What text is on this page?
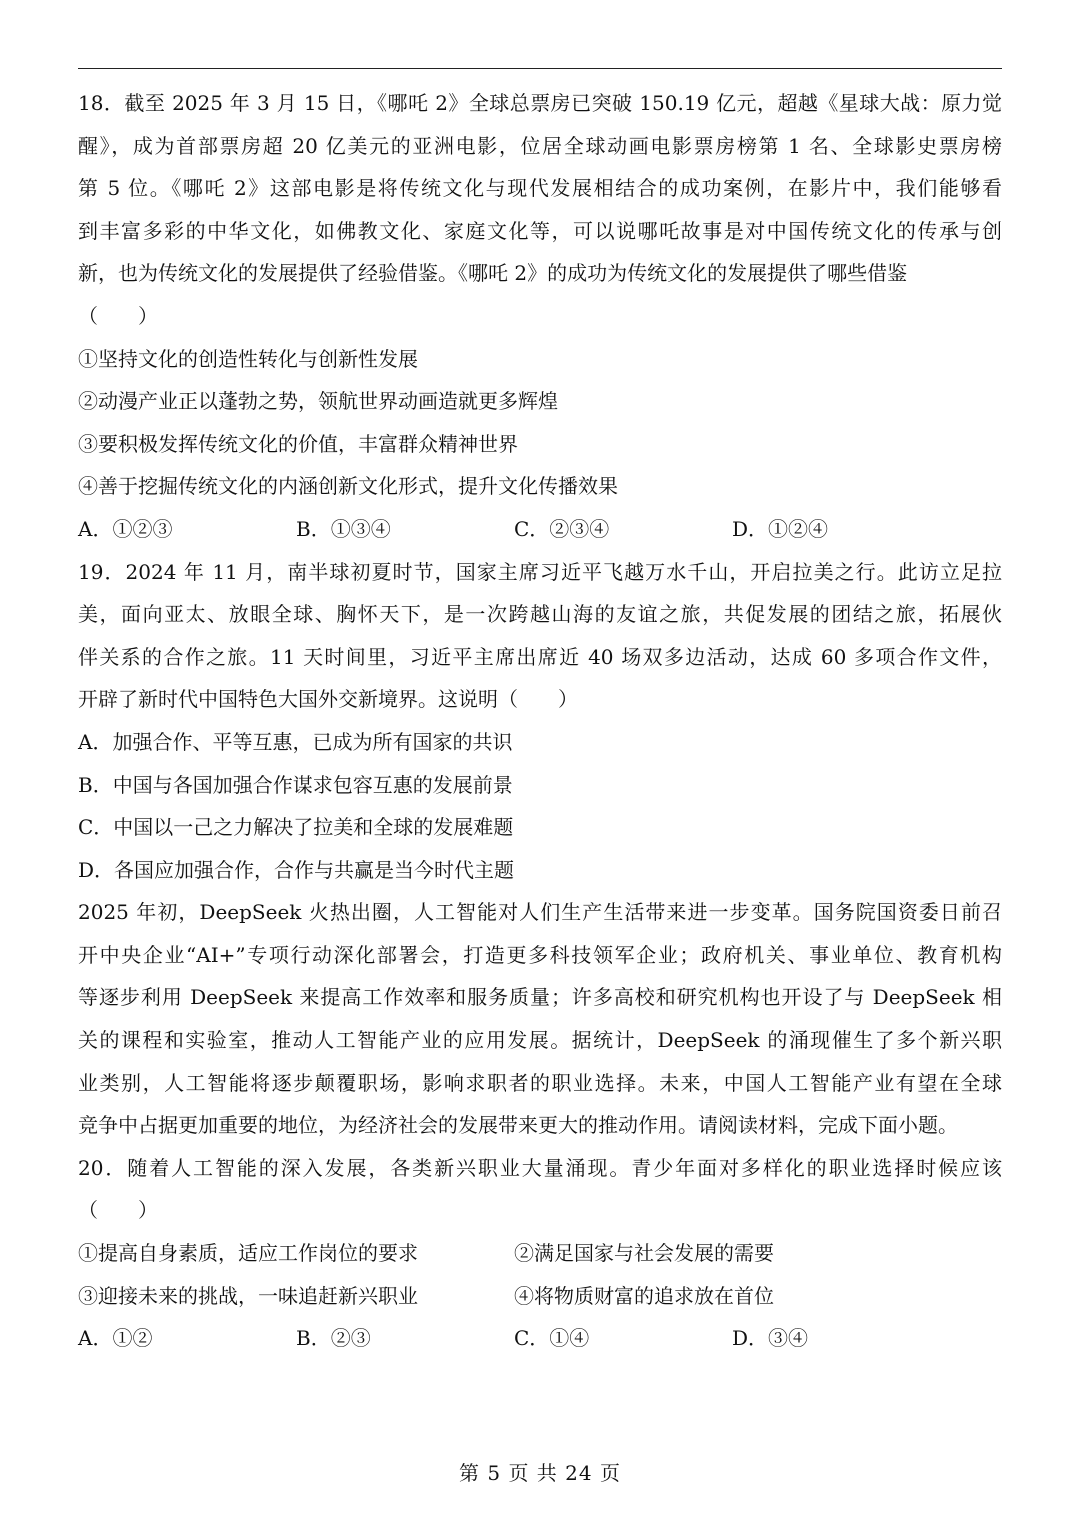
18．截至 2025 年 3 月 15 日，《哪吒 2》全球总票房已突破 150.19 亿元，超越《星球大战：原力觉
醒》，成为首部票房超 20 亿美元的亚洲电影，位居全球动画电影票房榜第 1 名、全球影史票房榜
第 5 位。《哪吒 2》这部电影是将传统文化与现代发展相结合的成功案例，在影片中，我们能够看
到丰富多彩的中华文化，如佛教文化、家庭文化等，可以说哪吒故事是对中国传统文化的传承与创
新，也为传统文化的发展提供了经验借鉴。《哪吒 2》的成功为传统文化的发展提供了哪些借鉴
（　　）
①坚持文化的创造性转化与创新性发展
②动漫产业正以蓬勃之势，领航世界动画造就更多辉煌
③要积极发挥传统文化的价值，丰富群众精神世界
④善于挖掘传统文化的内涵创新文化形式，提升文化传播效果
A．①②③	B．①③④	C．②③④	D．①②④
19．2024 年 11 月，南半球初夏时节，国家主席习近平飞越万水千山，开启拉美之行。此访立足拉
美，面向亚太、放眼全球、胸怀天下，是一次跨越山海的友谊之旅，共促发展的团结之旅，拓展伙
伴关系的合作之旅。11 天时间里，习近平主席出席近 40 场双多边活动，达成 60 多项合作文件，
开辟了新时代中国特色大国外交新境界。这说明（　　）
A．加强合作、平等互惠，已成为所有国家的共识
B．中国与各国加强合作谋求包容互惠的发展前景
C．中国以一己之力解决了拉美和全球的发展难题
D．各国应加强合作，合作与共赢是当今时代主题
2025 年初，DeepSeek 火热出圈，人工智能对人们生产生活带来进一步变革。国务院国资委日前召
开中央企业“AI+”专项行动深化部署会，打造更多科技领军企业；政府机关、事业单位、教育机构
等逐步利用 DeepSeek 来提高工作效率和服务质量；许多高校和研究机构也开设了与 DeepSeek 相
关的课程和实验室，推动人工智能产业的应用发展。据统计，DeepSeek 的涌现催生了多个新兴职
业类别，人工智能将逐步颠覆职场，影响求职者的职业选择。未来，中国人工智能产业有望在全球
竞争中占据更加重要的地位，为经济社会的发展带来更大的推动作用。请阅读材料，完成下面小题。
20．随着人工智能的深入发展，各类新兴职业大量涌现。青少年面对多样化的职业选择时候应该
（　　）
①提高自身素质，适应工作岗位的要求	②满足国家与社会发展的需要
③迎接未来的挑战，一味追赶新兴职业	④将物质财富的追求放在首位
A．①②	B．②③	C．①④	D．③④
第 5 页 共 24 页
